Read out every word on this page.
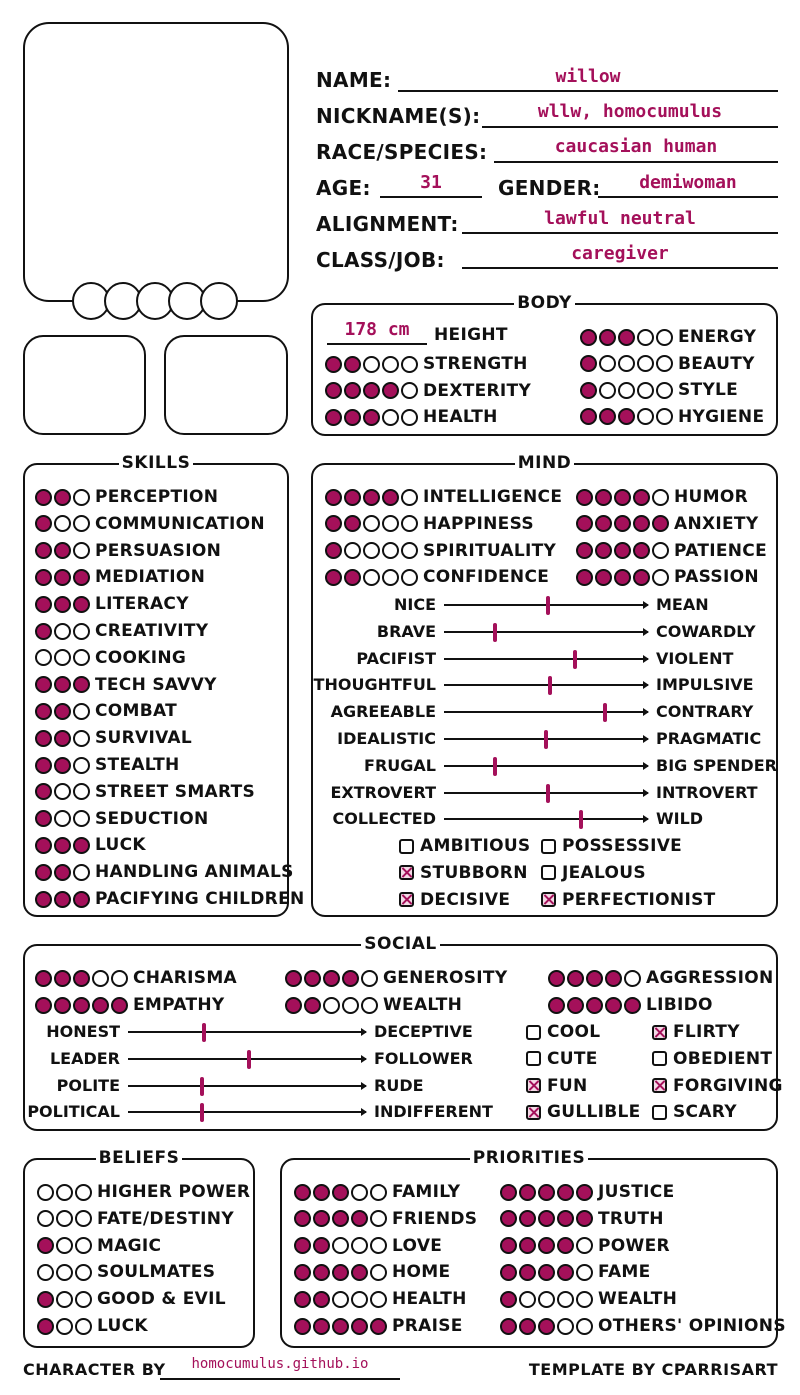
NAME:	willow
NICKNAME(S):	wllw, homocumulus
RACE/SPECIES:	caucasian human
AGE:	31	GENDER:	demiwoman
ALIGNMENT:	lawful neutral
CLASS/JOB:	caregiver
BODY
178 cm	HEIGHT
STRENGTH
DEXTERITY
HEALTH
ENERGY
BEAUTY
STYLE
HYGIENE
SKILLS
PERCEPTION
COMMUNICATION
PERSUASION
MEDIATION
LITERACY
CREATIVITY
COOKING
TECH SAVVY
COMBAT
SURVIVAL
STEALTH
STREET SMARTS
SEDUCTION
LUCK
HANDLING ANIMALS
PACIFYING CHILDREN
MIND
INTELLIGENCE
HAPPINESS
SPIRITUALITY
CONFIDENCE
HUMOR
ANXIETY
PATIENCE
PASSION
NICE	MEAN
BRAVE	COWARDLY
PACIFIST	VIOLENT
THOUGHTFUL	IMPULSIVE
AGREEABLE	CONTRARY
IDEALISTIC	PRAGMATIC
FRUGAL	BIG SPENDER
EXTROVERT	INTROVERT
COLLECTED	WILD
AMBITIOUS POSSESSIVE
STUBBORN JEALOUS
DECISIVE	PERFECTIONIST
SOCIAL
CHARISMA
EMPATHY
GENEROSITY
WEALTH
AGGRESSION
LIBIDO
HONEST	DECEPTIVE
LEADER	FOLLOWER
POLITE	RUDE
POLITICAL	INDIFFERENT
COOL	FLIRTY
CUTE	OBEDIENT
FUN	FORGIVING
GULLIBLE SCARY
BELIEFS
HIGHER POWER
FATE/DESTINY
MAGIC
SOULMATES
GOOD & EVIL
LUCK
PRIORITIES
FAMILY
FRIENDS
LOVE
HOME
HEALTH
PRAISE
JUSTICE
TRUTH
POWER
FAME
WEALTH
OTHERS' OPINIONS
CHARACTER BY	homocumulus.github.io	TEMPLATE BY CPARRISART
